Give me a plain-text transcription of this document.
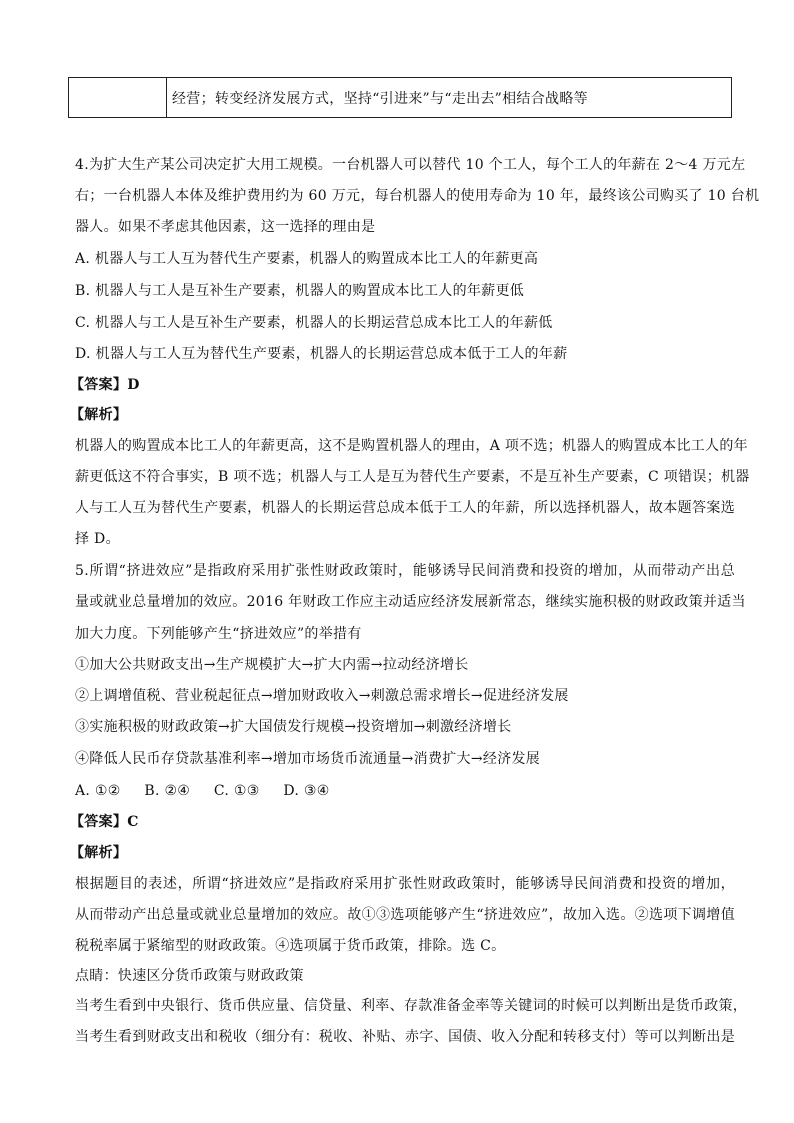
经营；转变经济发展方式，坚持“引进来”与“走出去”相结合战略等
4.为扩大生产某公司决定扩大用工规模。一台机器人可以替代 10 个工人，每个工人的年薪在 2～4 万元左
右；一台机器人本体及维护费用约为 60 万元，每台机器人的使用寿命为 10 年，最终该公司购买了 10 台机
器人。如果不孝虑其他因素，这一选择的理由是
A. 机器人与工人互为替代生产要素，机器人的购置成本比工人的年薪更高
B. 机器人与工人是互补生产要素，机器人的购置成本比工人的年薪更低
C. 机器人与工人是互补生产要素，机器人的长期运营总成本比工人的年薪低
D. 机器人与工人互为替代生产要素，机器人的长期运营总成本低于工人的年薪
【答案】D
【解析】
机器人的购置成本比工人的年薪更高，这不是购置机器人的理由，A 项不选；机器人的购置成本比工人的年
薪更低这不符合事实，B 项不选；机器人与工人是互为替代生产要素，不是互补生产要素，C 项错误；机器
人与工人互为替代生产要素，机器人的长期运营总成本低于工人的年薪，所以选择机器人，故本题答案选
择 D。
5.所谓“挤进效应”是指政府采用扩张性财政政策时，能够诱导民间消费和投资的增加，从而带动产出总
量或就业总量增加的效应。2016 年财政工作应主动适应经济发展新常态，继续实施积极的财政政策并适当
加大力度。下列能够产生“挤进效应”的举措有
①加大公共财政支出→生产规模扩大→扩大内需→拉动经济增长
②上调增值税、营业税起征点→增加财政收入→刺激总需求增长→促进经济发展
③实施积极的财政政策→扩大国债发行规模→投资增加→刺激经济增长
④降低人民币存贷款基准利率→增加市场货币流通量→消费扩大→经济发展
A. ①②     B. ②④     C. ①③     D. ③④
【答案】C
【解析】
根据题目的表述，所谓“挤进效应”是指政府采用扩张性财政政策时，能够诱导民间消费和投资的增加，
从而带动产出总量或就业总量增加的效应。故①③选项能够产生“挤进效应”，故加入选。②选项下调增值
税税率属于紧缩型的财政政策。④选项属于货币政策，排除。选 C。
点睛：快速区分货币政策与财政政策
当考生看到中央银行、货币供应量、信贷量、利率、存款准备金率等关键词的时候可以判断出是货币政策，
当考生看到财政支出和税收（细分有：税收、补贴、赤字、国债、收入分配和转移支付）等可以判断出是
